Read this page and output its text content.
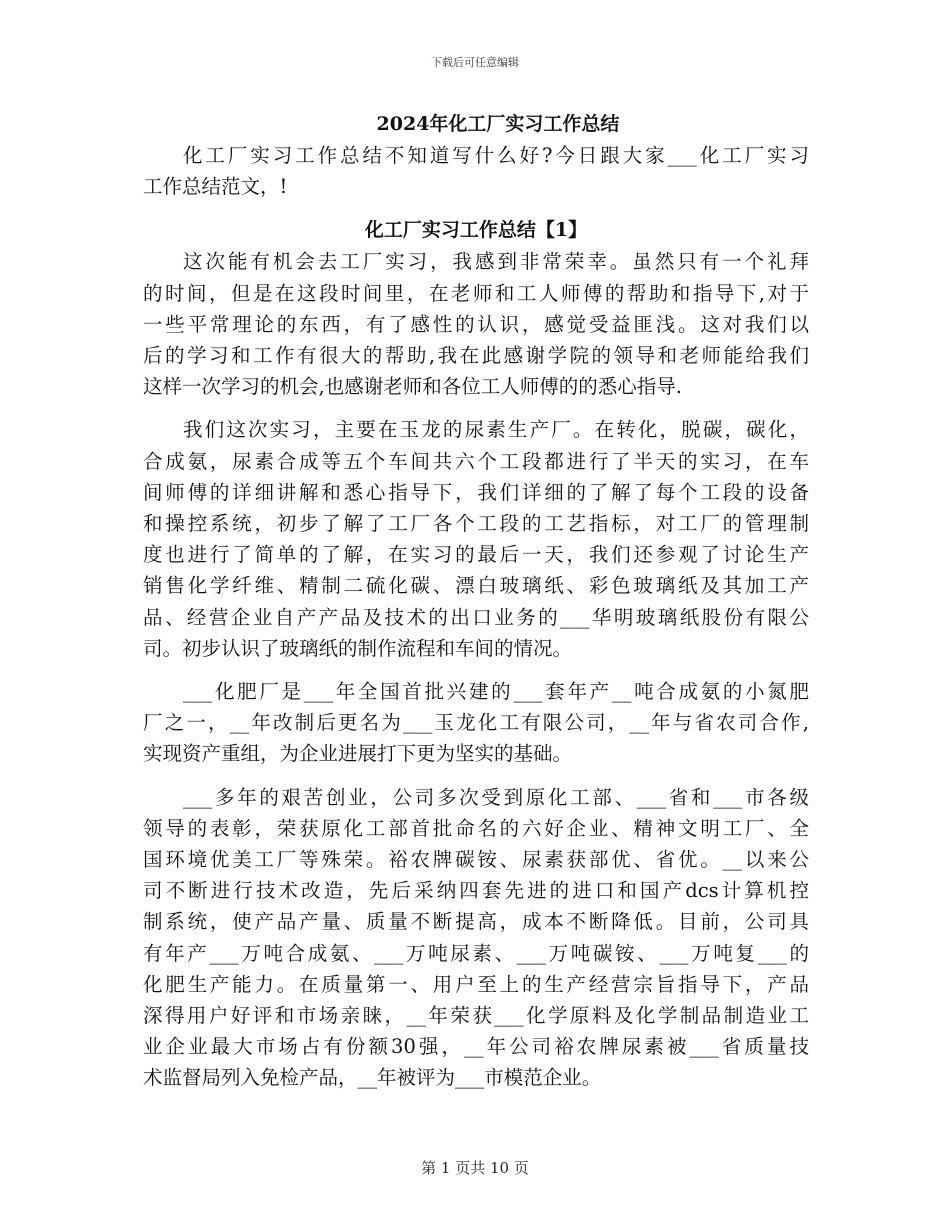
下载后可任意编辑
2024年化工厂实习工作总结
化工厂实习工作总结不知道写什么好?今日跟大家___化工厂实习
工作总结范文，!
化工厂实习工作总结【1】
这次能有机会去工厂实习，我感到非常荣幸。虽然只有一个礼拜
的时间，但是在这段时间里，在老师和工人师傅的帮助和指导下,对于
一些平常理论的东西，有了感性的认识，感觉受益匪浅。这对我们以
后的学习和工作有很大的帮助,我在此感谢学院的领导和老师能给我们
这样一次学习的机会,也感谢老师和各位工人师傅的的悉心指导.
我们这次实习，主要在玉龙的尿素生产厂。在转化，脱碳，碳化，
合成氨，尿素合成等五个车间共六个工段都进行了半天的实习，在车
间师傅的详细讲解和悉心指导下，我们详细的了解了每个工段的设备
和操控系统，初步了解了工厂各个工段的工艺指标，对工厂的管理制
度也进行了简单的了解，在实习的最后一天，我们还参观了讨论生产
销售化学纤维、精制二硫化碳、漂白玻璃纸、彩色玻璃纸及其加工产
品、经营企业自产产品及技术的出口业务的___华明玻璃纸股份有限公
司。初步认识了玻璃纸的制作流程和车间的情况。
___化肥厂是___年全国首批兴建的___套年产__吨合成氨的小氮肥
厂之一，__年改制后更名为___玉龙化工有限公司，__年与省农司合作,
实现资产重组，为企业进展打下更为坚实的基础。
___多年的艰苦创业，公司多次受到原化工部、___省和___市各级
领导的表彰，荣获原化工部首批命名的六好企业、精神文明工厂、全
国环境优美工厂等殊荣。裕农牌碳铵、尿素获部优、省优。__以来公
司不断进行技术改造，先后采纳四套先进的进口和国产dcs计算机控
制系统，使产品产量、质量不断提高，成本不断降低。目前，公司具
有年产___万吨合成氨、___万吨尿素、___万吨碳铵、___万吨复___的
化肥生产能力。在质量第一、用户至上的生产经营宗旨指导下，产品
深得用户好评和市场亲睐，__年荣获___化学原料及化学制品制造业工
业企业最大市场占有份额30强，__年公司裕农牌尿素被___省质量技
术监督局列入免检产品，__年被评为___市模范企业。
第 1 页共 10 页
